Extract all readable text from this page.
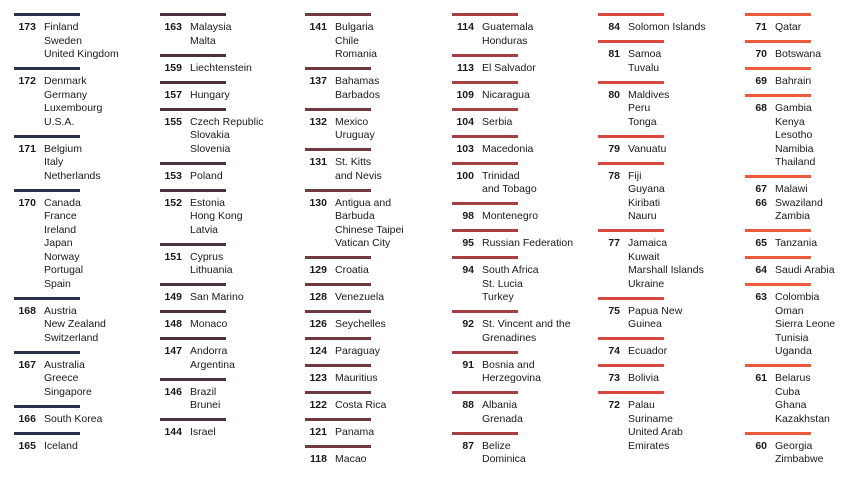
173 Finland
Sweden
United Kingdom
172 Denmark
Germany
Luxembourg
U.S.A.
171 Belgium
Italy
Netherlands
170 Canada
France
Ireland
Japan
Norway
Portugal
Spain
168 Austria
New Zealand
Switzerland
167 Australia
Greece
Singapore
166 South Korea
165 Iceland
163 Malaysia
Malta
159 Liechtenstein
157 Hungary
155 Czech Republic
Slovakia
Slovenia
153 Poland
152 Estonia
Hong Kong
Latvia
151 Cyprus
Lithuania
149 San Marino
148 Monaco
147 Andorra
Argentina
146 Brazil
Brunei
144 Israel
141 Bulgaria
Chile
Romania
137 Bahamas
Barbados
132 Mexico
Uruguay
131 St. Kitts
and Nevis
130 Antigua and
Barbuda
Chinese Taipei
Vatican City
129 Croatia
128 Venezuela
126 Seychelles
124 Paraguay
123 Mauritius
122 Costa Rica
121 Panama
118 Macao
114 Guatemala
Honduras
113 El Salvador
109 Nicaragua
104 Serbia
103 Macedonia
100 Trinidad
and Tobago
98 Montenegro
95 Russian Federation
94 South Africa
St. Lucia
Turkey
92 St. Vincent and the
Grenadines
91 Bosnia and
Herzegovina
88 Albania
Grenada
87 Belize
Dominica
84 Solomon Islands
81 Samoa
Tuvalu
80 Maldives
Peru
Tonga
79 Vanuatu
78 Fiji
Guyana
Kiribati
Nauru
77 Jamaica
Kuwait
Marshall Islands
Ukraine
75 Papua New
Guinea
74 Ecuador
73 Bolivia
72 Palau
Suriname
United Arab
Emirates
71 Qatar
70 Botswana
69 Bahrain
68 Gambia
Kenya
Lesotho
Namibia
Thailand
67 Malawi
66 Swaziland
Zambia
65 Tanzania
64 Saudi Arabia
63 Colombia
Oman
Sierra Leone
Tunisia
Uganda
61 Belarus
Cuba
Ghana
Kazakhstan
60 Georgia
Zimbabwe
